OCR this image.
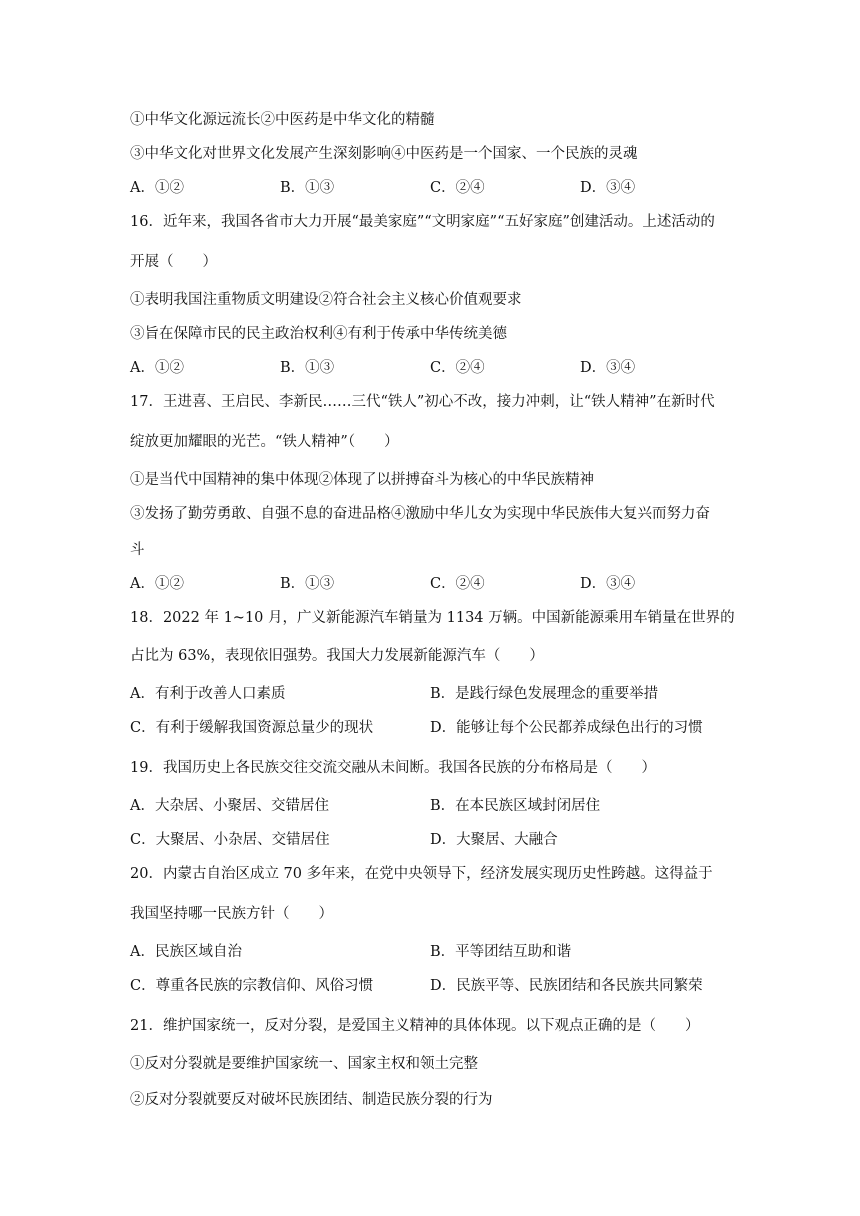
①中华文化源远流长②中医药是中华文化的精髓
③中华文化对世界文化发展产生深刻影响④中医药是一个国家、一个民族的灵魂
A．①②	B．①③	C．②④	D．③④
16．近年来，我国各省市大力开展“最美家庭”“文明家庭”“五好家庭”创建活动。上述活动的
开展（　　）
①表明我国注重物质文明建设②符合社会主义核心价值观要求
③旨在保障市民的民主政治权利④有利于传承中华传统美德
A．①②	B．①③	C．②④	D．③④
17．王进喜、王启民、李新民……三代“铁人”初心不改，接力冲刺，让“铁人精神”在新时代
绽放更加耀眼的光芒。“铁人精神”（　　）
①是当代中国精神的集中体现②体现了以拼搏奋斗为核心的中华民族精神
③发扬了勤劳勇敢、自强不息的奋进品格④激励中华儿女为实现中华民族伟大复兴而努力奋
斗
A．①②	B．①③	C．②④	D．③④
18．2022 年 1~10 月，广义新能源汽车销量为 1134 万辆。中国新能源乘用车销量在世界的
占比为 63%，表现依旧强势。我国大力发展新能源汽车（　　）
A．有利于改善人口素质	B．是践行绿色发展理念的重要举措
C．有利于缓解我国资源总量少的现状	D．能够让每个公民都养成绿色出行的习惯
19．我国历史上各民族交往交流交融从未间断。我国各民族的分布格局是（　　）
A．大杂居、小聚居、交错居住	B．在本民族区域封闭居住
C．大聚居、小杂居、交错居住	D．大聚居、大融合
20．内蒙古自治区成立 70 多年来，在党中央领导下，经济发展实现历史性跨越。这得益于
我国坚持哪一民族方针（　　）
A．民族区域自治	B．平等团结互助和谐
C．尊重各民族的宗教信仰、风俗习惯	D．民族平等、民族团结和各民族共同繁荣
21．维护国家统一，反对分裂，是爱国主义精神的具体体现。以下观点正确的是（　　）
①反对分裂就是要维护国家统一、国家主权和领土完整
②反对分裂就要反对破坏民族团结、制造民族分裂的行为
